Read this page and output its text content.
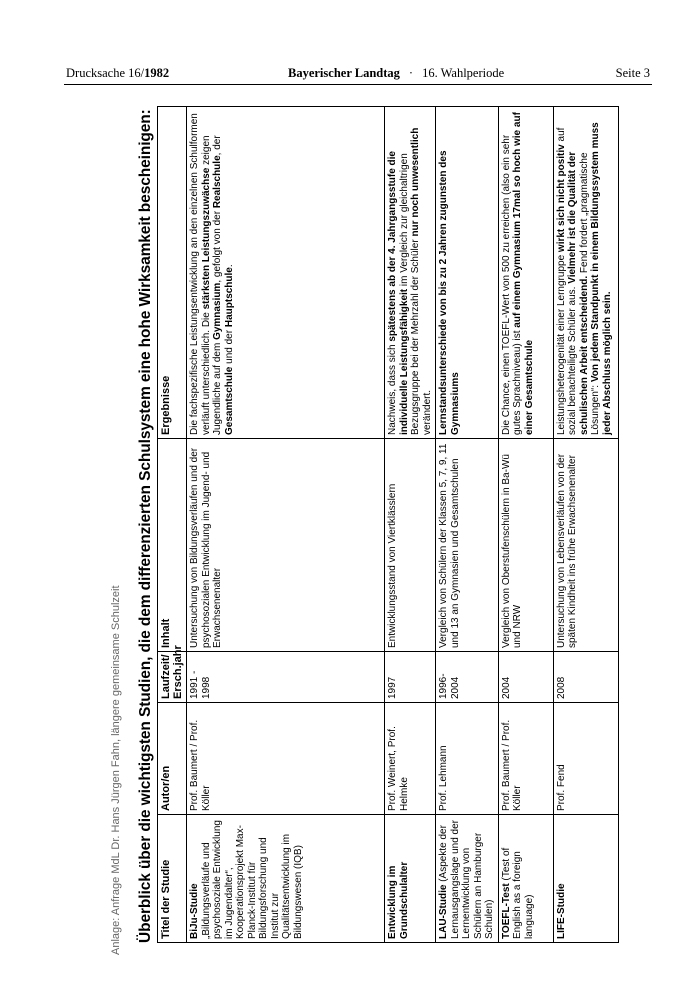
Drucksache 16/1982	Bayerischer Landtag · 16. Wahlperiode	Seite 3
Anlage: Anfrage MdL Dr. Hans Jürgen Fahn, längere gemeinsame Schulzeit Überblick über die wichtigsten Studien, die dem differenzierten Schulsystem eine hohe Wirksamkeit bescheinigen: Titel der Studie	Autor/en	Laufzeit/ Ersch.jahr	Inhalt	Ergebnisse
BiJu-Studie „Bildungsverläufe und psychosoziale Entwicklung im Jugendalter“, Kooperationsprojekt Max-Planck-Institut für Bildungsforschung und Institut zur Qualitätsentwicklung im Bildungswesen (IQB)	Prof. Baumert / Prof. Köller	1991 - 1998	Untersuchung von Bildungsverläufen und der psychosozialen Entwicklung im Jugend- und Erwachsenenalter	Die fachspezifische Leistungsentwicklung an den einzelnen Schulformen verläuft unterschiedlich. Die stärksten Leistungszuwächse zeigen Jugendliche auf dem Gymnasium, gefolgt von der Realschule, der Gesamtschule und der Hauptschule.
Entwicklung im Grundschulalter	Prof. Weinert, Prof. Helmke	1997	Entwicklungsstand von Viertklässlern	Nachweis, dass sich spätestens ab der 4. Jahrgangsstufe die individuelle Leistungsfähigkeit im Vergleich zur gleichaltrigen Bezugsgruppe bei der Mehrzahl der Schüler nur noch unwesentlich verändert.
LAU-Studie (Aspekte der Lernausgangslage und der Lernentwicklung von Schülern an Hamburger Schulen)	Prof. Lehmann	1996-2004	Vergleich von Schülern der Klassen 5, 7, 9, 11 und 13 an Gymnasien und Gesamtschulen	Lernstandsunterschiede von bis zu 2 Jahren zugunsten des Gymnasiums
TOEFL-Test (Test of English as a foreign language)	Prof. Baumert / Prof. Köller	2004	Vergleich von Oberstufenschülern in Ba-Wü und NRW	Die Chance, einen TOEFL-Wert von 500 zu erreichen (also ein sehr gutes Sprachniveau) ist auf einem Gymnasium 17mal so hoch wie auf einer Gesamtschule
LIFE-Studie	Prof. Fend	2008	Untersuchung von Lebensverläufen von der späten Kindheit ins frühe Erwachsenenalter	Leistungsheterogenität einer Lerngruppe wirkt sich nicht positiv auf sozial benachteiligte Schüler aus. Vielmehr ist die Qualität der schulischen Arbeit entscheidend. Fend fordert „pragmatische Lösungen“: Von jedem Standpunkt in einem Bildungssystem muss jeder Abschluss möglich sein.
